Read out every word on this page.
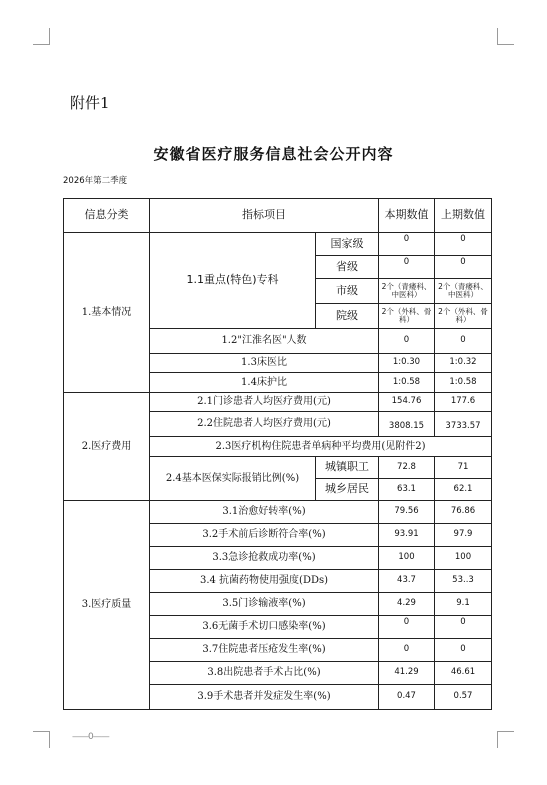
——0——
附件1
安徽省医疗服务信息社会公开内容
2026年第二季度
信息分类	指标项目		本期数值	上期数值
1.基本情况	1.1重点(特色)专科	国家级	0	0
		省级	0	0
		市级	2个（青痿科、中医科）	2个（青痿科、中医科）
		院级	2个（外科、骨科）	2个（外科、骨科）
	1.2"江淮名医"人数		0	0
	1.3床医比		1:0.30	1:0.32
	1.4床护比		1:0.58	1:0.58
2.医疗费用	2.1门诊患者人均医疗费用(元)		154.76	177.6
	2.2住院患者人均医疗费用(元)		3808.15	3733.57
	2.3医疗机构住院患者单病种平均费用(见附件2)			
	2.4基本医保实际报销比例(%)	城镇职工	72.8	71
		城乡居民	63.1	62.1
3.医疗质量	3.1治愈好转率(%)		79.56	76.86
	3.2手术前后诊断符合率(%)		93.91	97.9
	3.3急诊抢救成功率(%)		100	100
	3.4 抗菌药物使用强度(DDs)		43.7	53..3
	3.5门诊输液率(%)		4.29	9.1
	3.6无菌手术切口感染率(%)		0	0
	3.7住院患者压疮发生率(%)		0	0
	3.8出院患者手术占比(%)		41.29	46.61
	3.9手术患者并发症发生率(%)		0.47	0.57
